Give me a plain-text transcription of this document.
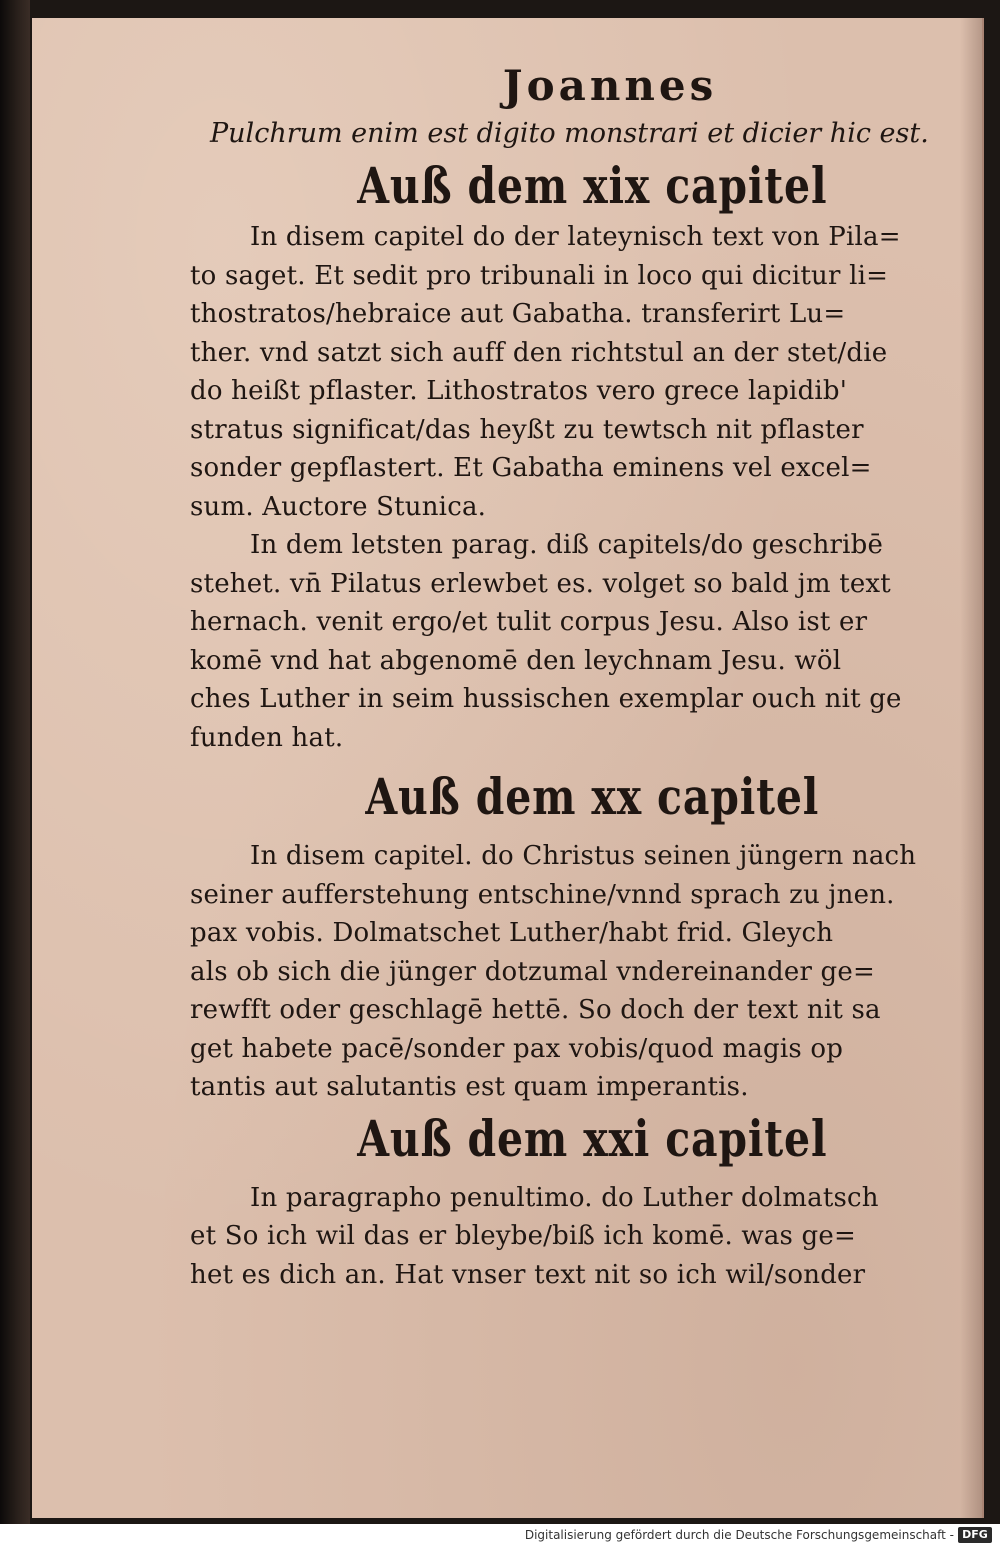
Joannes

Pulchrum enim est digito monstrari et dicier hic est.

Auß dem xix capitel

In disem capitel do der lateynisch text von Pila=
to saget. Et sedit pro tribunali in loco qui dicitur li=
thostratos/hebraice aut Gabatha. transferirt Lu=
ther. vnd satzt sich auff den richtstul an der stet/die
do heißt pflaster. Lithostratos vero grece lapidib'
stratus significat/das heyßt zu tewtsch nit pflaster
sonder gepflastert. Et Gabatha eminens vel excel=
sum. Auctore Stunica.
In dem letsten parag. diß capitels/do geschribē
stehet. vn̄ Pilatus erlewbet es. volget so bald jm text
hernach. venit ergo/et tulit corpus Jesu. Also ist er
komē vnd hat abgenomē den leychnam Jesu. wöl
ches Luther in seim hussischen exemplar ouch nit ge
funden hat.

Auß dem xx capitel

In disem capitel. do Christus seinen jüngern nach
seiner aufferstehung entschine/vnnd sprach zu jnen.
pax vobis. Dolmatschet Luther/habt frid. Gleych
als ob sich die jünger dotzumal vndereinander ge=
rewfft oder geschlagē hettē. So doch der text nit sa
get habete pacē/sonder pax vobis/quod magis op
tantis aut salutantis est quam imperantis.

Auß dem xxi capitel

In paragrapho penultimo. do Luther dolmatsch
et So ich wil das er bleybe/biß ich komē. was ge=
het es dich an. Hat vnser text nit so ich wil/sonder
Digitalisierung gefördert durch die Deutsche Forschungsgemeinschaft - DFG
